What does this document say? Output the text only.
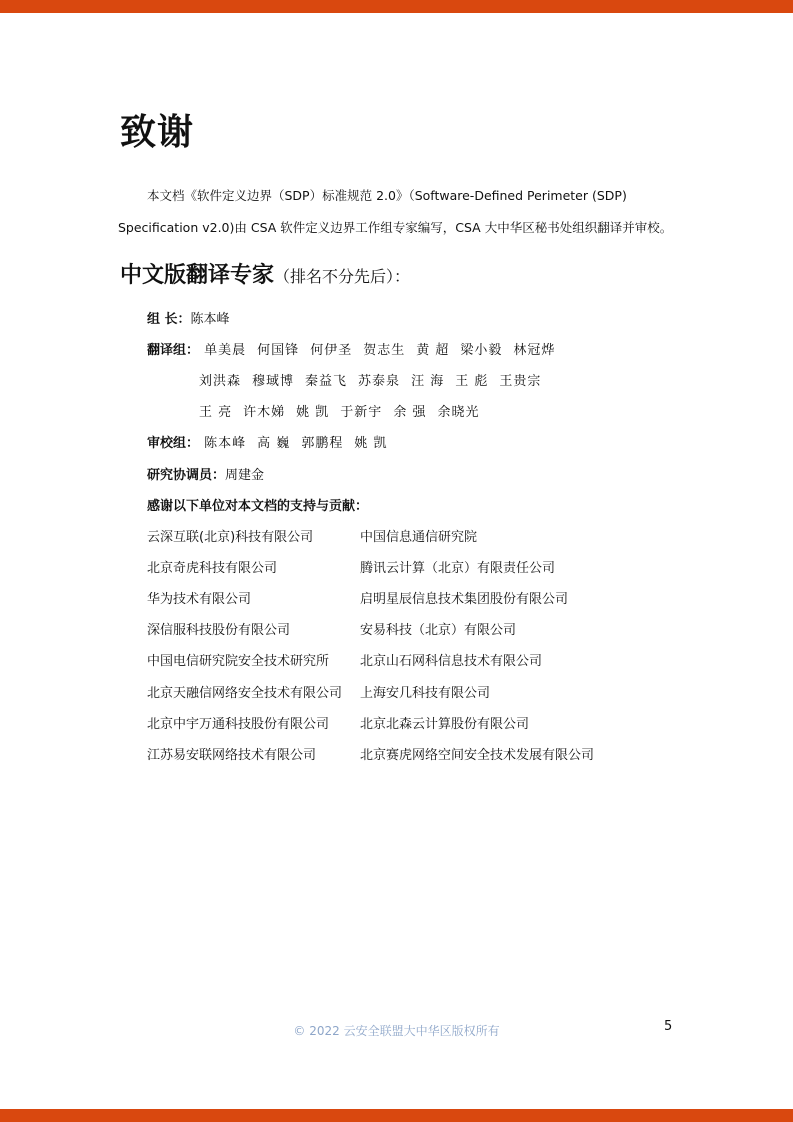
致谢

本文档《软件定义边界（SDP）标准规范 2.0》（Software-Defined Perimeter (SDP) Specification v2.0)由 CSA 软件定义边界工作组专家编写，CSA 大中华区秘书处组织翻译并审校。

中文版翻译专家（排名不分先后）：
组 长：陈本峰
翻译组： 单美晨 何国锋 何伊圣 贺志生 黄 超 梁小毅 林冠烨
刘洪森 穆琙博 秦益飞 苏泰泉 汪 海 王 彪 王贵宗
王 亮 许木娣 姚 凯 于新宇 余 强 余晓光
审校组： 陈本峰 高 巍 郭鹏程 姚 凯
研究协调员：周建金
感谢以下单位对本文档的支持与贡献：
云深互联(北京)科技有限公司	中国信息通信研究院
北京奇虎科技有限公司	腾讯云计算（北京）有限责任公司
华为技术有限公司	启明星辰信息技术集团股份有限公司
深信服科技股份有限公司	安易科技（北京）有限公司
中国电信研究院安全技术研究所 北京山石网科信息技术有限公司
北京天融信网络安全技术有限公司 上海安几科技有限公司
北京中宇万通科技股份有限公司 北京北森云计算股份有限公司
江苏易安联网络技术有限公司	北京赛虎网络空间安全技术发展有限公司
© 2022 云安全联盟大中华区版权所有	5
